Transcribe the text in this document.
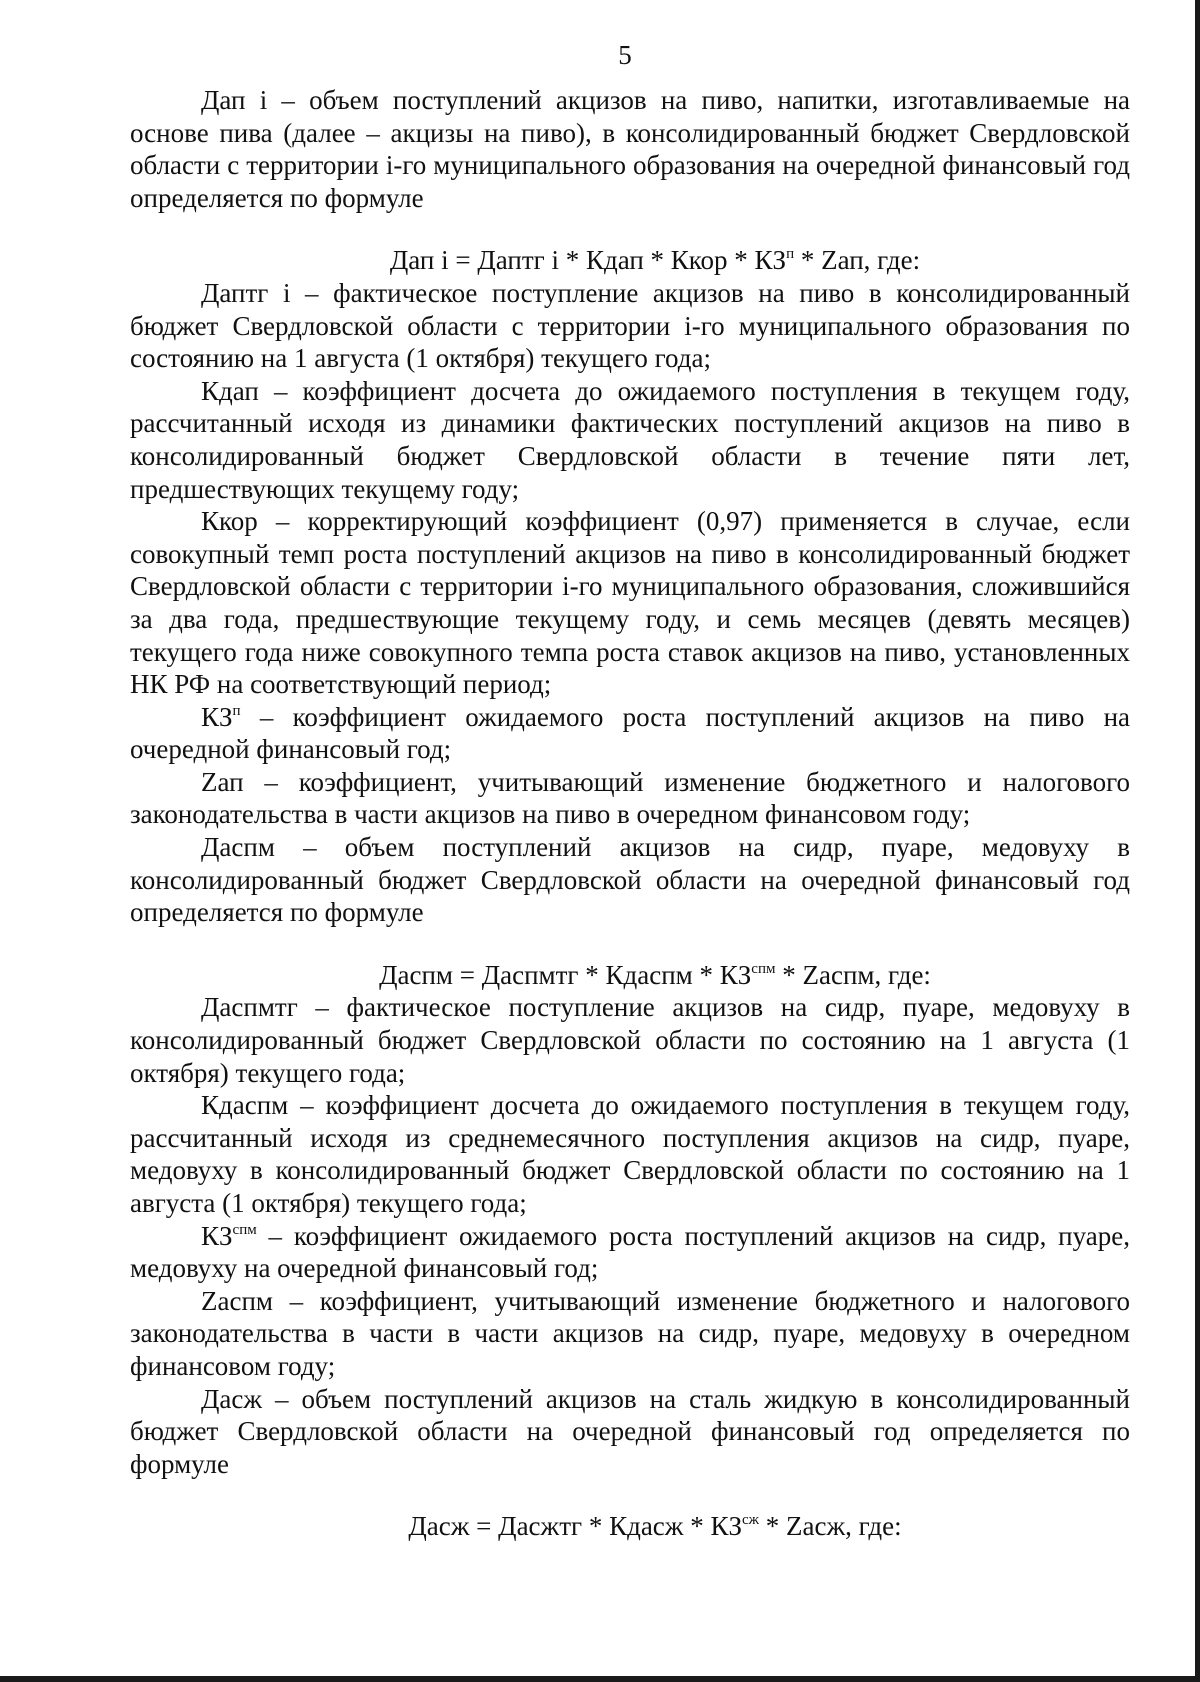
5

Дап i – объем поступлений акцизов на пиво, напитки, изготавливаемые на основе пива (далее – акцизы на пиво), в консолидированный бюджет Свердловской области с территории i-го муниципального образования на очередной финансовый год определяется по формуле

Дап i = Даптг i * Кдап * Ккор * $КЗ^п$ * Zап, где:

Даптг i – фактическое поступление акцизов на пиво в консолидированный бюджет Свердловской области с территории i-го муниципального образования по состоянию на 1 августа (1 октября) текущего года;

Кдап – коэффициент досчета до ожидаемого поступления в текущем году, рассчитанный исходя из динамики фактических поступлений акцизов на пиво в консолидированный бюджет Свердловской области в течение пяти лет, предшествующих текущему году;

Ккор – корректирующий коэффициент (0,97) применяется в случае, если совокупный темп роста поступлений акцизов на пиво в консолидированный бюджет Свердловской области с территории i-го муниципального образования, сложившийся за два года, предшествующие текущему году, и семь месяцев (девять месяцев) текущего года ниже совокупного темпа роста ставок акцизов на пиво, установленных НК РФ на соответствующий период;

$КЗ^п$ – коэффициент ожидаемого роста поступлений акцизов на пиво на очередной финансовый год;

Zап – коэффициент, учитывающий изменение бюджетного и налогового законодательства в части акцизов на пиво в очередном финансовом году;

Даспм – объем поступлений акцизов на сидр, пуаре, медовуху в консолидированный бюджет Свердловской области на очередной финансовый год определяется по формуле

Даспм = Даспмтг * Кдаспм * $КЗ^{спм}$ * Zаспм, где:

Даспмтг – фактическое поступление акцизов на сидр, пуаре, медовуху в консолидированный бюджет Свердловской области по состоянию на 1 августа (1 октября) текущего года;

Кдаспм – коэффициент досчета до ожидаемого поступления в текущем году, рассчитанный исходя из среднемесячного поступления акцизов на сидр, пуаре, медовуху в консолидированный бюджет Свердловской области по состоянию на 1 августа (1 октября) текущего года;

$КЗ^{спм}$ – коэффициент ожидаемого роста поступлений акцизов на сидр, пуаре, медовуху на очередной финансовый год;

Zаспм – коэффициент, учитывающий изменение бюджетного и налогового законодательства в части в части акцизов на сидр, пуаре, медовуху в очередном финансовом году;

Дасж – объем поступлений акцизов на сталь жидкую в консолидированный бюджет Свердловской области на очередной финансовый год определяется по формуле

Дасж = Дасжтг * Кдасж * $КЗ^{сж}$ * Zасж, где:
